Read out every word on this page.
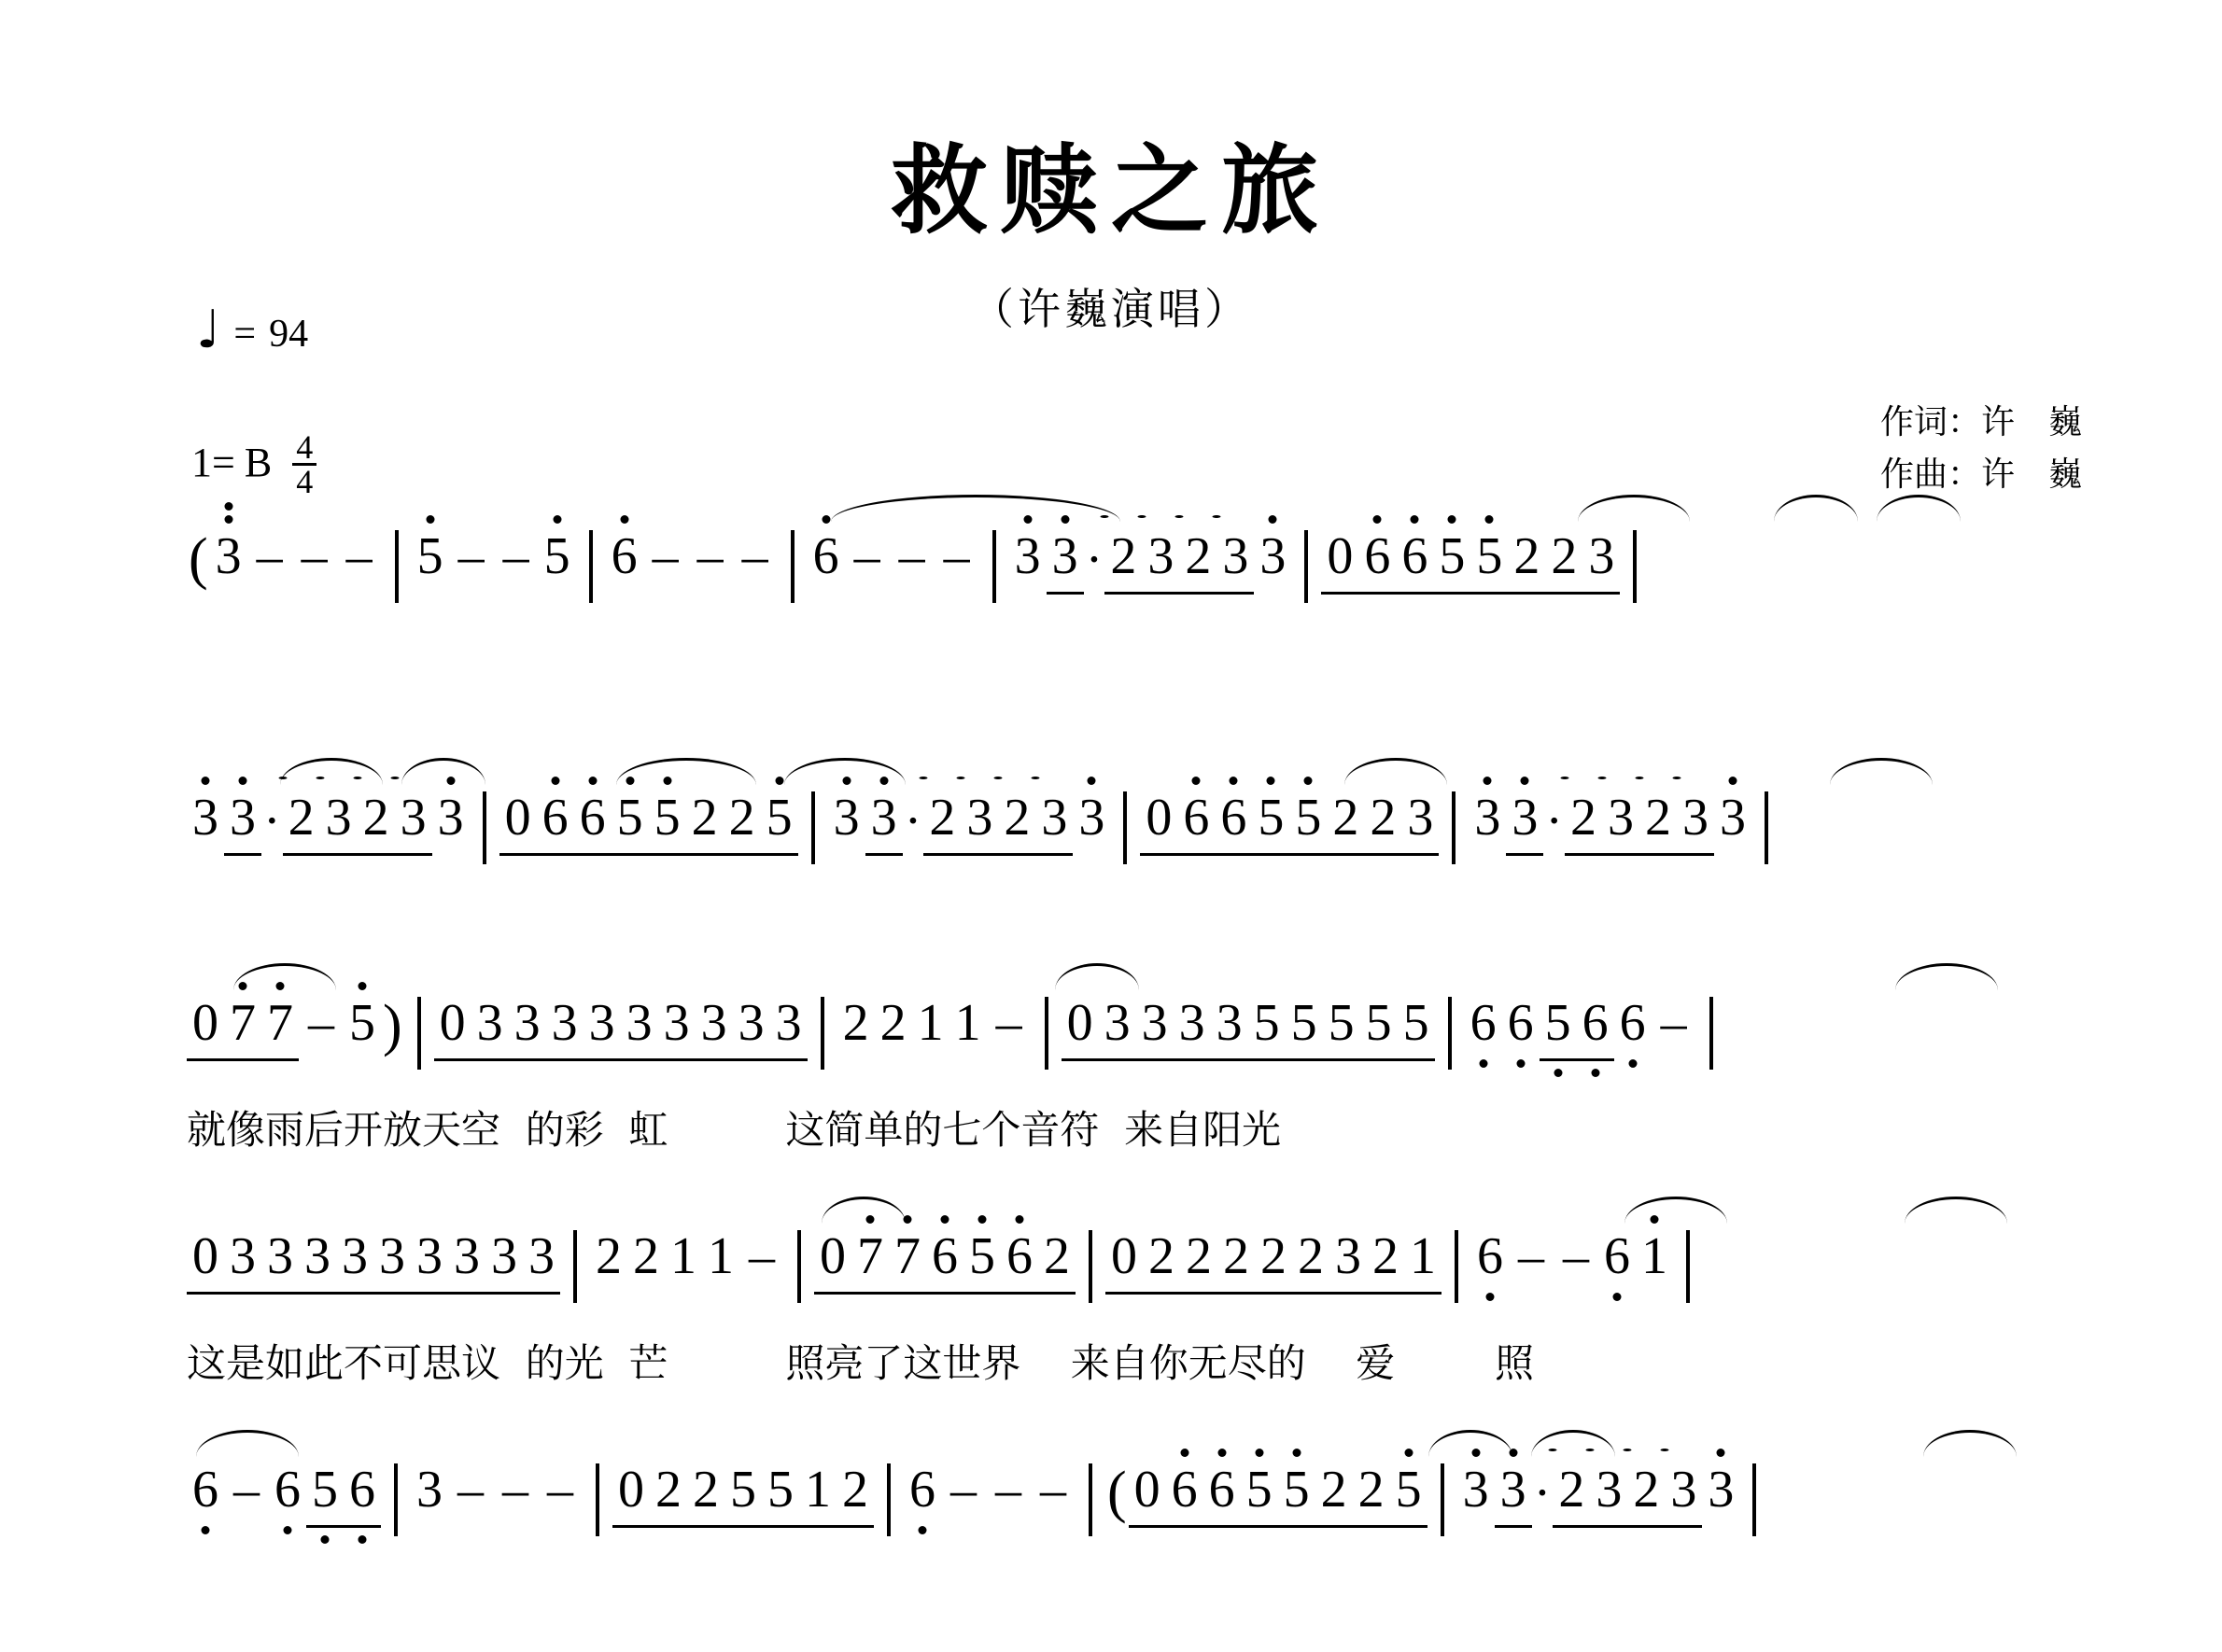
救赎之旅
（许巍演唱）
♩ = 94
1= B $\frac{4}{4}$
作词：许　巍
作曲：许　巍
( 3 – – – 5 – – 5 6 – – – 6 – – – 3 3 · 2 3 2 3 3 0 6 6 5 5 2 2 3
3 3 · 2 3 2 3 3 0 6 6 5 5 2 2 5 3 3 · 2 3 2 3 3 0 6 6 5 5 2 2 3 3 3 · 2 3 2 3 3
0 7 7 – 5 ) 0 3 3 3 3 3 3 3 3 3 2 2 1 1 – 0 3 3 3 3 5 5 5 5 5 6 6 5 6 6 –
就像雨后开放天空  的彩  虹　　　这简单的七个音符  来自阳光
0 3 3 3 3 3 3 3 3 3 2 2 1 1 – 0 7 7 6 5 6 2 0 2 2 2 2 2 3 2 1 6 – – 6 1
这是如此不可思议  的光  芒　　　照亮了这世界    来自你无尽的    爱        照
6 – 6 5 6 3 – – – 0 2 2 5 5 1 2 6 – – – ( 0 6 6 5 5 2 2 5 3 3 · 2 3 2 3 3
